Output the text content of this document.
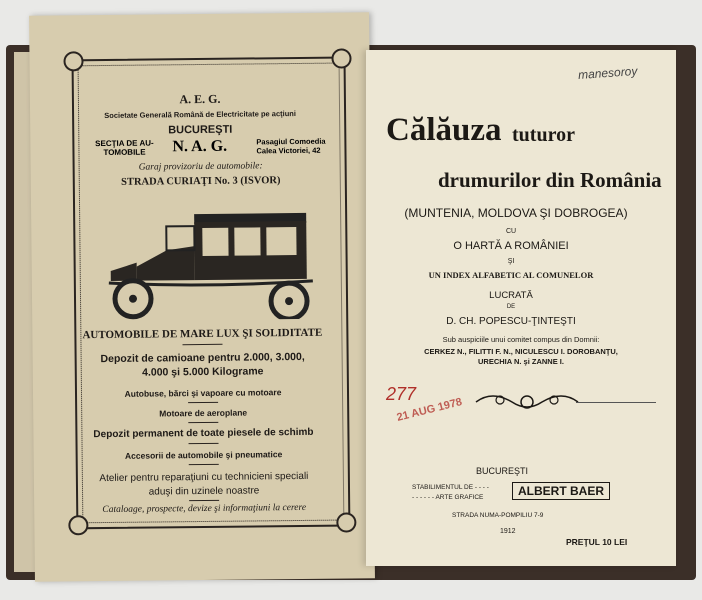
A. E. G.
Societate Generală Română de Electricitate pe acţiuni
BUCUREŞTI
SECŢIA DE AU-
TOMOBILE	N. A. G.	Pasagiul Comoedia
Calea Victoriei, 42
Garaj provizoriu de automobile:
STRADA CURIAŢI No. 3 (ISVOR)
AUTOMOBILE DE MARE LUX ŞI SOLIDITATE
Depozit de camioane pentru 2.000, 3.000,
4.000 şi 5.000 Kilograme
Autobuse, bărci şi vapoare cu motoare
Motoare de aeroplane
Depozit permanent de toate piesele de schimb
Accesorii de automobile şi pneumatice
Atelier pentru reparaţiuni cu technicieni speciali
aduşi din uzinele noastre
Cataloage, prospecte, devize şi informaţiuni la cerere
manesoroy
Călăuza tuturor
drumurilor din România
(MUNTENIA, MOLDOVA ŞI DOBROGEA)
CU
O HARTĂ A ROMÂNIEI
ŞI
UN INDEX ALFABETIC AL COMUNELOR
LUCRATĂ
DE
D. CH. POPESCU-ŢINTEŞTI
Sub auspiciile unui comitet compus din Domnii:
CERKEZ N., FILITTI F. N., NICULESCU I. DOROBANŢU,
URECHIA N. şi ZANNE I.
277
21 AUG 1978
BUCUREŞTI
STABILIMENTUL DE - - - -
- - - - - - ARTE GRAFICE	ALBERT BAER
STRADA NUMA-POMPILIU 7-9
1912
PREŢUL 10 LEI
